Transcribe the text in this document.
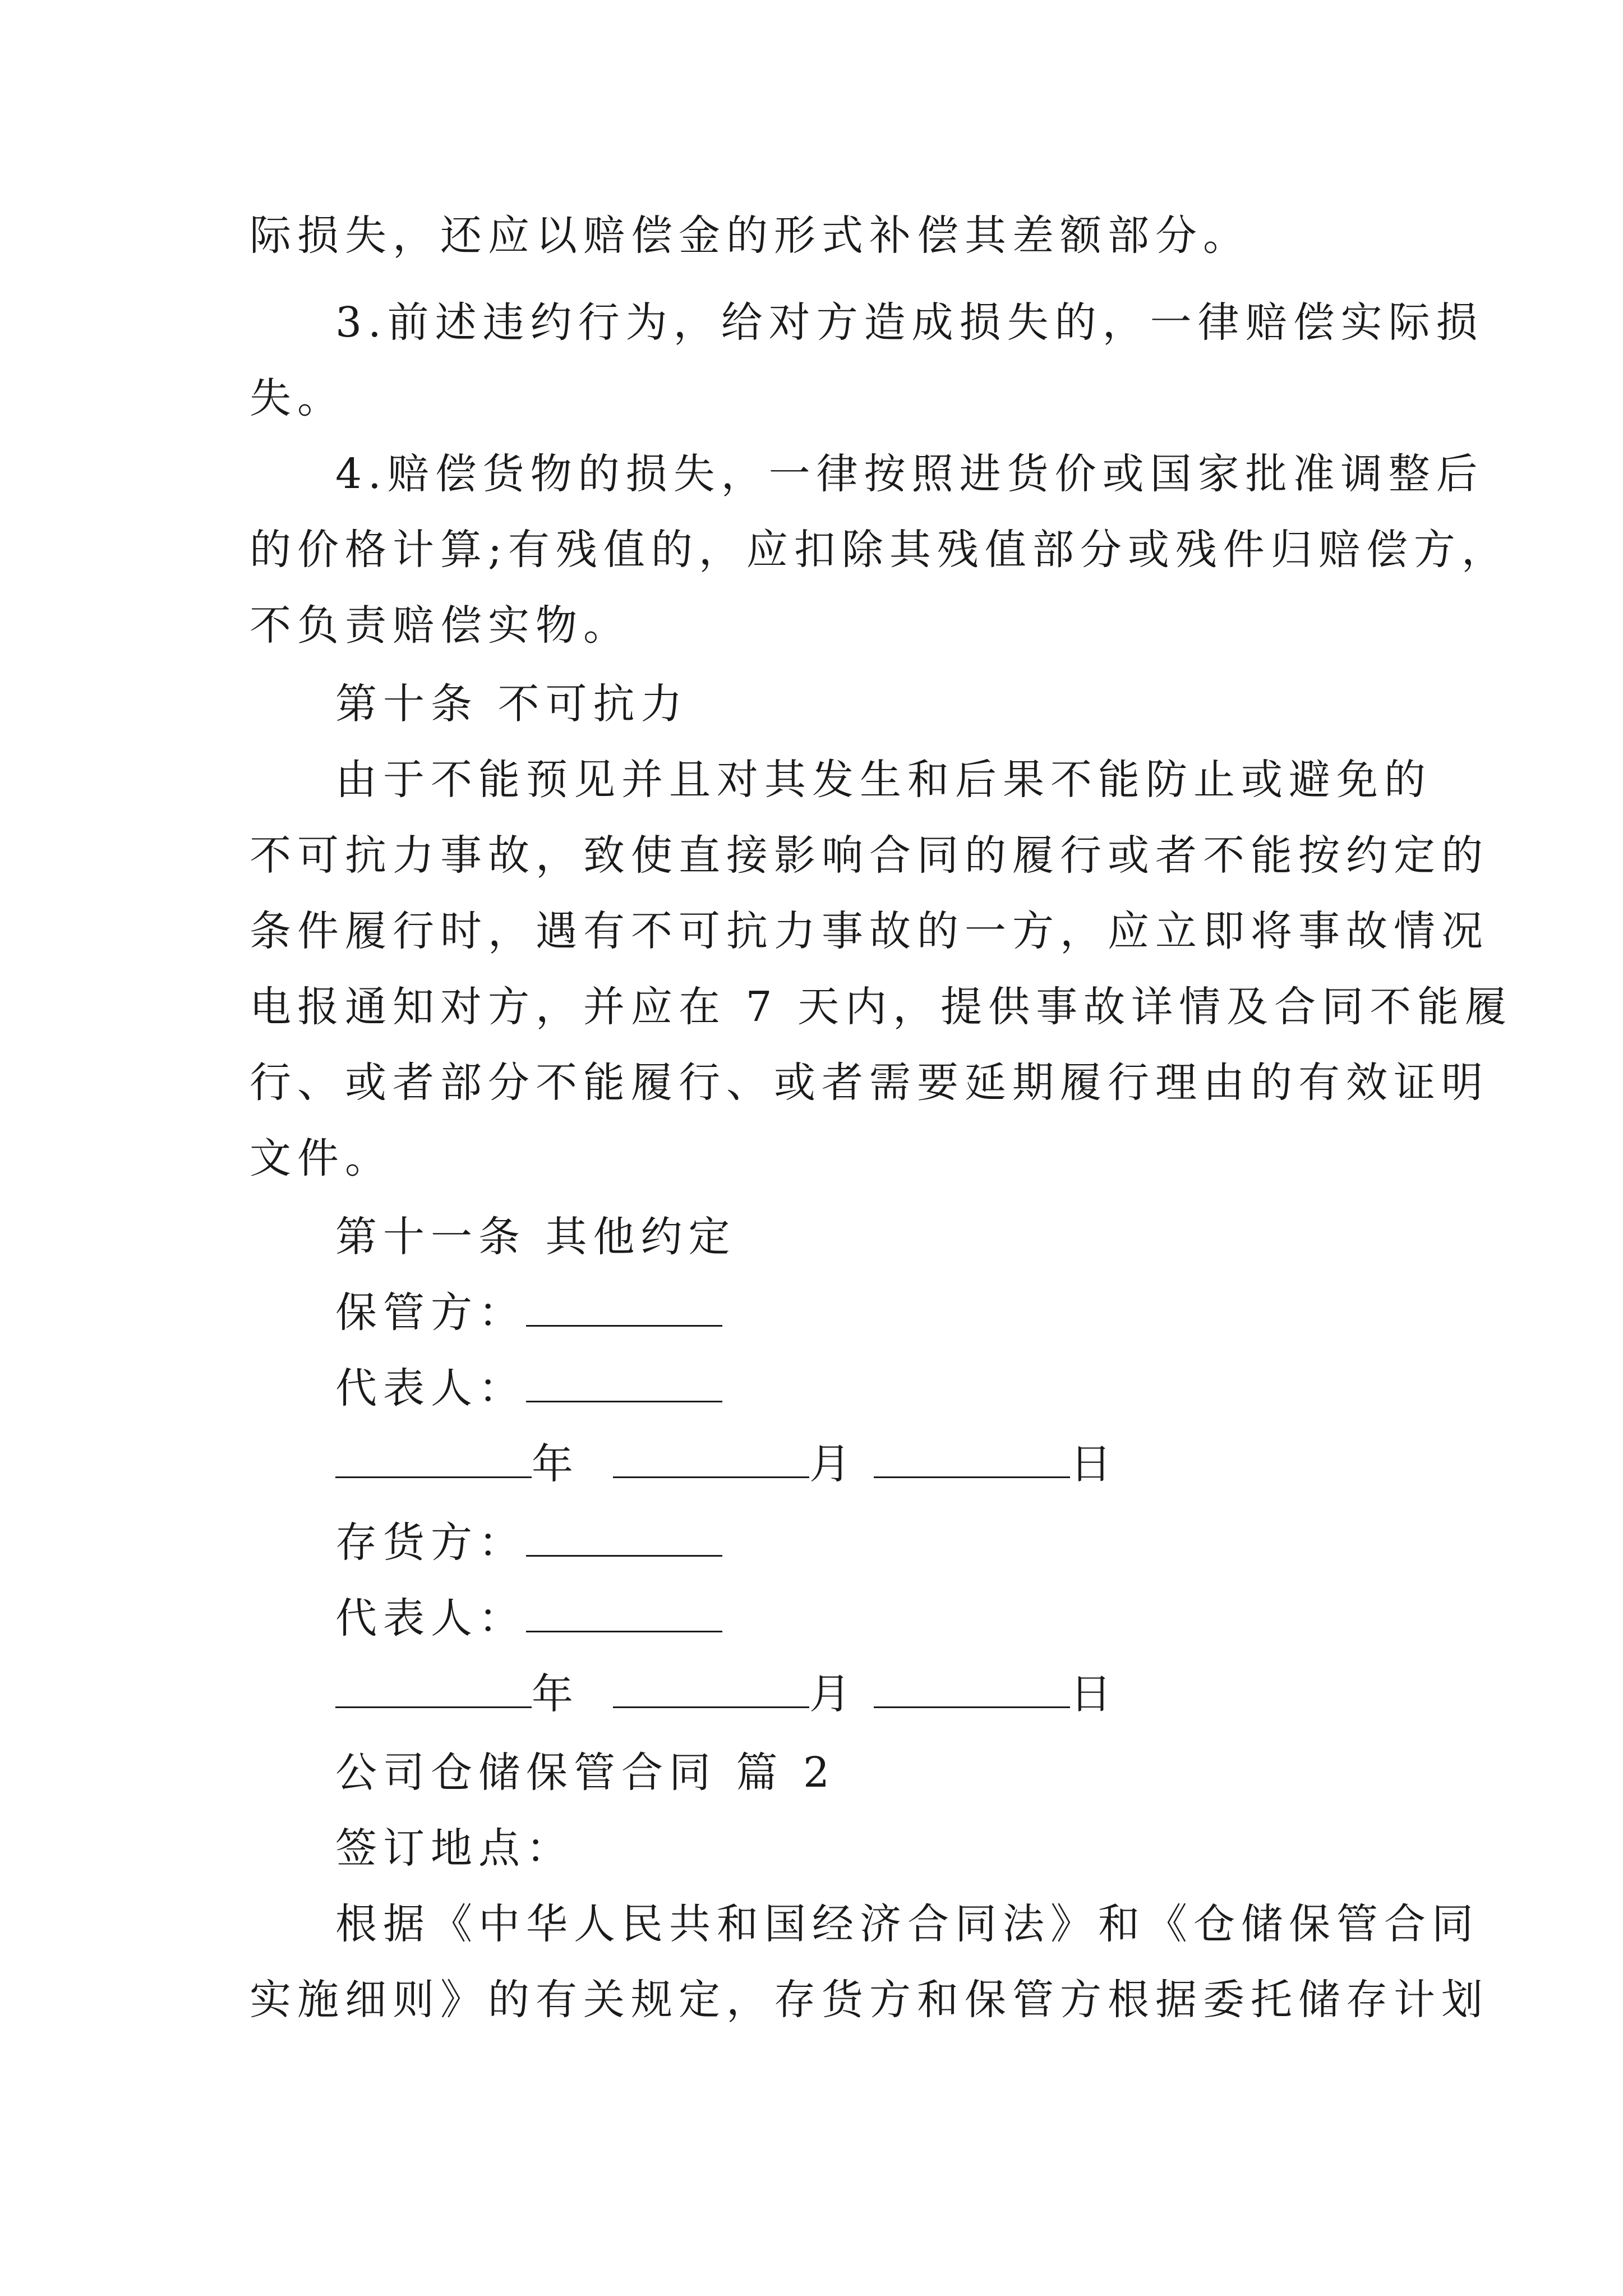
际损失，还应以赔偿金的形式补偿其差额部分。
3.前述违约行为，给对方造成损失的，一律赔偿实际损
失。
4.赔偿货物的损失，一律按照进货价或国家批准调整后
的价格计算;有残值的，应扣除其残值部分或残件归赔偿方，
不负责赔偿实物。
第十条 不可抗力
由于不能预见并且对其发生和后果不能防止或避免的
不可抗力事故，致使直接影响合同的履行或者不能按约定的
条件履行时，遇有不可抗力事故的一方，应立即将事故情况
电报通知对方，并应在 7 天内，提供事故详情及合同不能履
行、或者部分不能履行、或者需要延期履行理由的有效证明
文件。
第十一条 其他约定
保管方：
代表人：
年	月	日
存货方：
代表人：
年	月	日
公司仓储保管合同 篇 2
签订地点：
根据《中华人民共和国经济合同法》和《仓储保管合同
实施细则》的有关规定，存货方和保管方根据委托储存计划
